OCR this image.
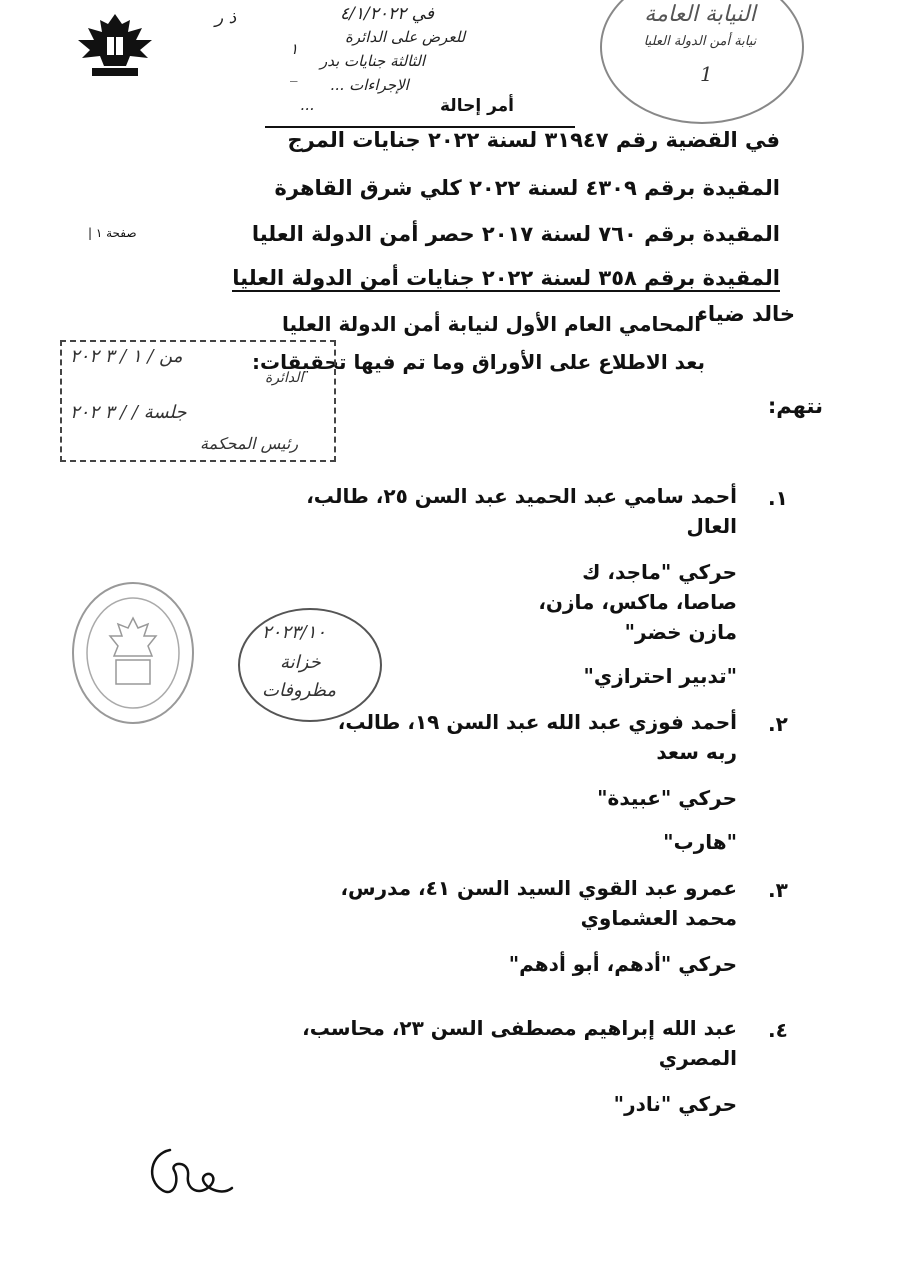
النيابة العامة
نيابة أمن الدولة العليا
1
في ٤/١/٢٠٢٢
ذ ر
للعرض على الدائرة
الثالثة جنايات بدر
الإجراءات ...
...
١
_
أمر إحالة
في القضية رقم ٣١٩٤٧ لسنة ٢٠٢٢ جنايات المرج
المقيدة برقم ٤٣٠٩ لسنة ٢٠٢٢ كلي شرق القاهرة
المقيدة برقم ٧٦٠ لسنة ٢٠١٧ حصر أمن الدولة العليا
المقيدة برقم ٣٥٨ لسنة ٢٠٢٢ جنايات أمن الدولة العليا
صفحة ١ |
خالد ضياء
المحامي العام الأول لنيابة أمن الدولة العليا
بعد الاطلاع على الأوراق وما تم فيها تحقيقات:
نتهم:
من / ١ / ٣ ٢٠٢
الدائرة
جلسة / / ٣ ٢٠٢
رئيس المحكمة
٢٠٢٣/١٠
خزانة
مظروفات
١.
أحمد سامي عبد الحميد عبد السن ٢٥، طالب،
العال
حركي "ماجد، ك
صاصا، ماكس، مازن،
مازن خضر"
"تدبير احترازي"
٢.
أحمد فوزي عبد الله عبد السن ١٩، طالب،
ربه سعد
حركي "عبيدة"
"هارب"
٣.
عمرو عبد القوي السيد السن ٤١، مدرس،
محمد العشماوي
حركي "أدهم، أبو أدهم"
٤.
عبد الله إبراهيم مصطفى السن ٢٣، محاسب،
المصري
حركي "نادر"
